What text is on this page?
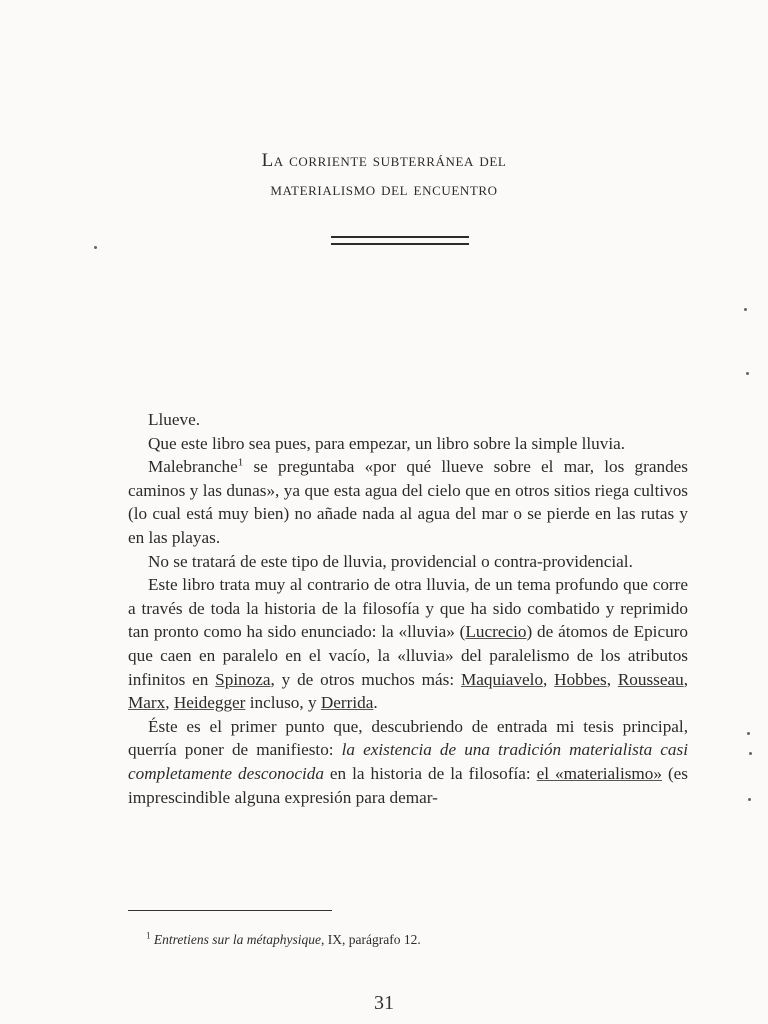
La corriente subterránea del
materialismo del encuentro

Llueve.

Que este libro sea pues, para empezar, un libro sobre la simple lluvia.

Malebranche$^1$ se preguntaba «por qué llueve sobre el mar, los grandes caminos y las dunas», ya que esta agua del cielo que en otros sitios riega cultivos (lo cual está muy bien) no añade nada al agua del mar o se pierde en las rutas y en las playas.

No se tratará de este tipo de lluvia, providencial o contra-providencial.

Este libro trata muy al contrario de otra lluvia, de un tema profundo que corre a través de toda la historia de la filosofía y que ha sido combatido y reprimido tan pronto como ha sido enunciado: la «lluvia» (Lucrecio) de átomos de Epicuro que caen en paralelo en el vacío, la «lluvia» del paralelismo de los atributos infinitos en Spinoza, y de otros muchos más: Maquiavelo, Hobbes, Rousseau, Marx, Heidegger incluso, y Derrida.

Éste es el primer punto que, descubriendo de entrada mi tesis principal, querría poner de manifiesto: la existencia de una tradición materialista casi completamente desconocida en la historia de la filosofía: el «materialismo» (es imprescindible alguna expresión para demar-

$^1$ Entretiens sur la métaphysique, IX, parágrafo 12.
31
